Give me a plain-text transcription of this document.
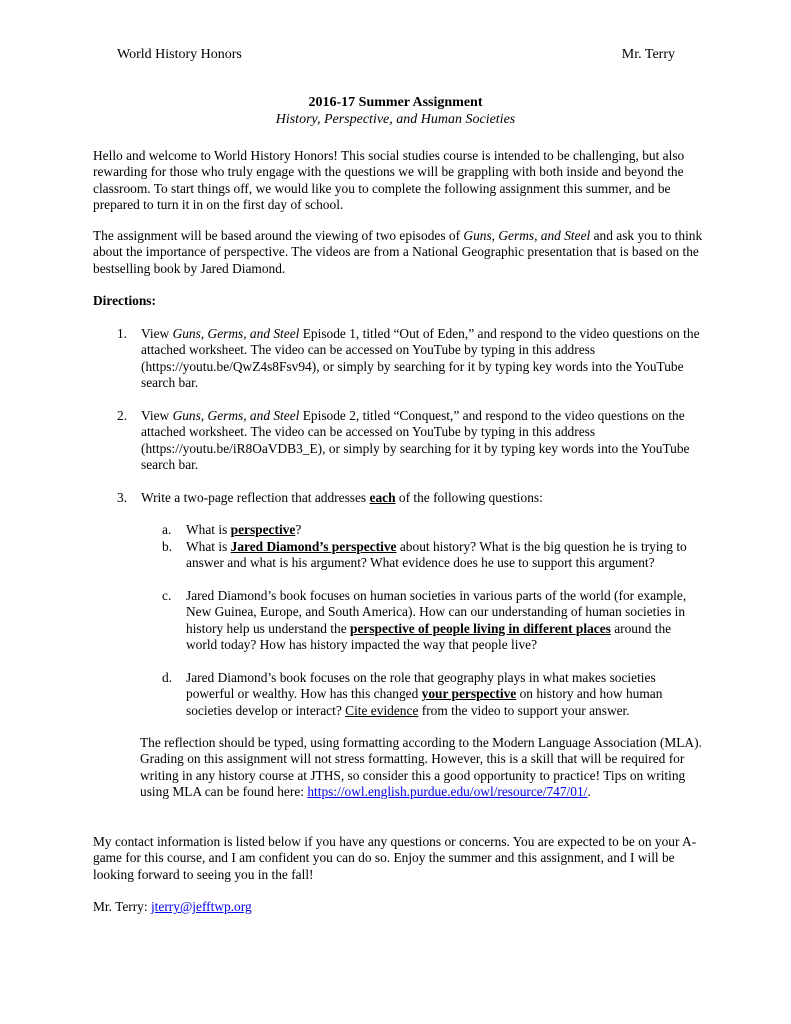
World History Honors	Mr. Terry
2016-17 Summer Assignment
History, Perspective, and Human Societies
Hello and welcome to World History Honors! This social studies course is intended to be challenging, but also rewarding for those who truly engage with the questions we will be grappling with both inside and beyond the classroom. To start things off, we would like you to complete the following assignment this summer, and be prepared to turn it in on the first day of school.
The assignment will be based around the viewing of two episodes of Guns, Germs, and Steel and ask you to think about the importance of perspective. The videos are from a National Geographic presentation that is based on the bestselling book by Jared Diamond.
Directions:
1. View Guns, Germs, and Steel Episode 1, titled “Out of Eden,” and respond to the video questions on the attached worksheet. The video can be accessed on YouTube by typing in this address (https://youtu.be/QwZ4s8Fsv94), or simply by searching for it by typing key words into the YouTube search bar.
2. View Guns, Germs, and Steel Episode 2, titled “Conquest,” and respond to the video questions on the attached worksheet. The video can be accessed on YouTube by typing in this address (https://youtu.be/iR8OaVDB3_E), or simply by searching for it by typing key words into the YouTube search bar.
3. Write a two-page reflection that addresses each of the following questions:
a. What is perspective?
b. What is Jared Diamond’s perspective about history? What is the big question he is trying to answer and what is his argument? What evidence does he use to support this argument?
c. Jared Diamond’s book focuses on human societies in various parts of the world (for example, New Guinea, Europe, and South America). How can our understanding of human societies in history help us understand the perspective of people living in different places around the world today? How has history impacted the way that people live?
d. Jared Diamond’s book focuses on the role that geography plays in what makes societies powerful or wealthy. How has this changed your perspective on history and how human societies develop or interact? Cite evidence from the video to support your answer.
The reflection should be typed, using formatting according to the Modern Language Association (MLA). Grading on this assignment will not stress formatting. However, this is a skill that will be required for writing in any history course at JTHS, so consider this a good opportunity to practice! Tips on writing using MLA can be found here: https://owl.english.purdue.edu/owl/resource/747/01/.
My contact information is listed below if you have any questions or concerns. You are expected to be on your A-game for this course, and I am confident you can do so. Enjoy the summer and this assignment, and I will be looking forward to seeing you in the fall!
Mr. Terry: jterry@jefftwp.org
